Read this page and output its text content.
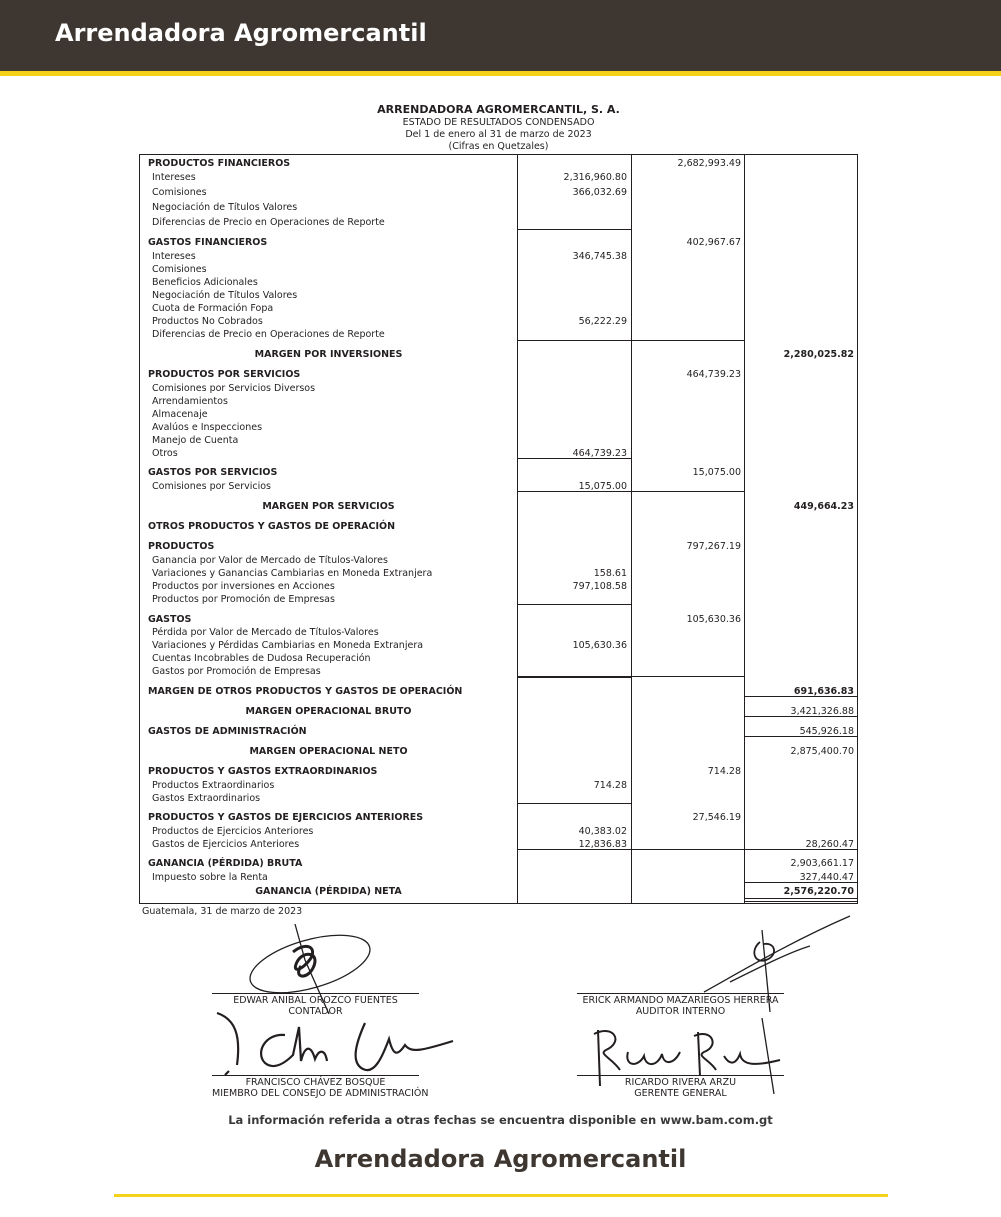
Arrendadora Agromercantil
ARRENDADORA AGROMERCANTIL, S. A.
ESTADO DE RESULTADOS CONDENSADO
Del 1 de enero al 31 de marzo de 2023
(Cifras en Quetzales)
PRODUCTOS FINANCIEROS	2,682,993.49
Intereses	2,316,960.80
Comisiones	366,032.69
Negociación de Títulos Valores
Diferencias de Precio en Operaciones de Reporte
GASTOS FINANCIEROS	402,967.67
Intereses	346,745.38
Comisiones
Beneficios Adicionales
Negociación de Títulos Valores
Cuota de Formación Fopa
Productos No Cobrados	56,222.29
Diferencias de Precio en Operaciones de Reporte
MARGEN POR INVERSIONES	2,280,025.82
PRODUCTOS POR SERVICIOS	464,739.23
Comisiones por Servicios Diversos
Arrendamientos
Almacenaje
Avalúos e Inspecciones
Manejo de Cuenta
Otros	464,739.23
GASTOS POR SERVICIOS	15,075.00
Comisiones por Servicios	15,075.00
MARGEN POR SERVICIOS	449,664.23
OTROS PRODUCTOS Y GASTOS DE OPERACIÓN
PRODUCTOS	797,267.19
Ganancia por Valor de Mercado de Títulos-Valores
Variaciones y Ganancias Cambiarias en Moneda Extranjera	158.61
Productos por inversiones en Acciones	797,108.58
Productos por Promoción de Empresas
GASTOS	105,630.36
Pérdida por Valor de Mercado de Títulos-Valores
Variaciones y Pérdidas Cambiarias en Moneda Extranjera	105,630.36
Cuentas Incobrables de Dudosa Recuperación
Gastos por Promoción de Empresas
MARGEN DE OTROS PRODUCTOS Y GASTOS DE OPERACIÓN	691,636.83
MARGEN OPERACIONAL BRUTO	3,421,326.88
GASTOS DE ADMINISTRACIÓN	545,926.18
MARGEN OPERACIONAL NETO	2,875,400.70
PRODUCTOS Y GASTOS EXTRAORDINARIOS	714.28
Productos Extraordinarios	714.28
Gastos Extraordinarios
PRODUCTOS Y GASTOS DE EJERCICIOS ANTERIORES	27,546.19
Productos de Ejercicios Anteriores	40,383.02
Gastos de Ejercicios Anteriores	12,836.83	28,260.47
GANANCIA (PÉRDIDA) BRUTA	2,903,661.17
Impuesto sobre la Renta	327,440.47
GANANCIA (PÉRDIDA) NETA	2,576,220.70
Guatemala, 31 de marzo de 2023
EDWAR ANIBAL OROZCO FUENTES
CONTADOR
ERICK ARMANDO MAZARIEGOS HERRERA
AUDITOR INTERNO
FRANCISCO CHÁVEZ BOSQUE
MIEMBRO DEL CONSEJO DE ADMINISTRACIÓN
RICARDO RIVERA ARZU
GERENTE GENERAL
La información referida a otras fechas se encuentra disponible en www.bam.com.gt
Arrendadora Agromercantil
